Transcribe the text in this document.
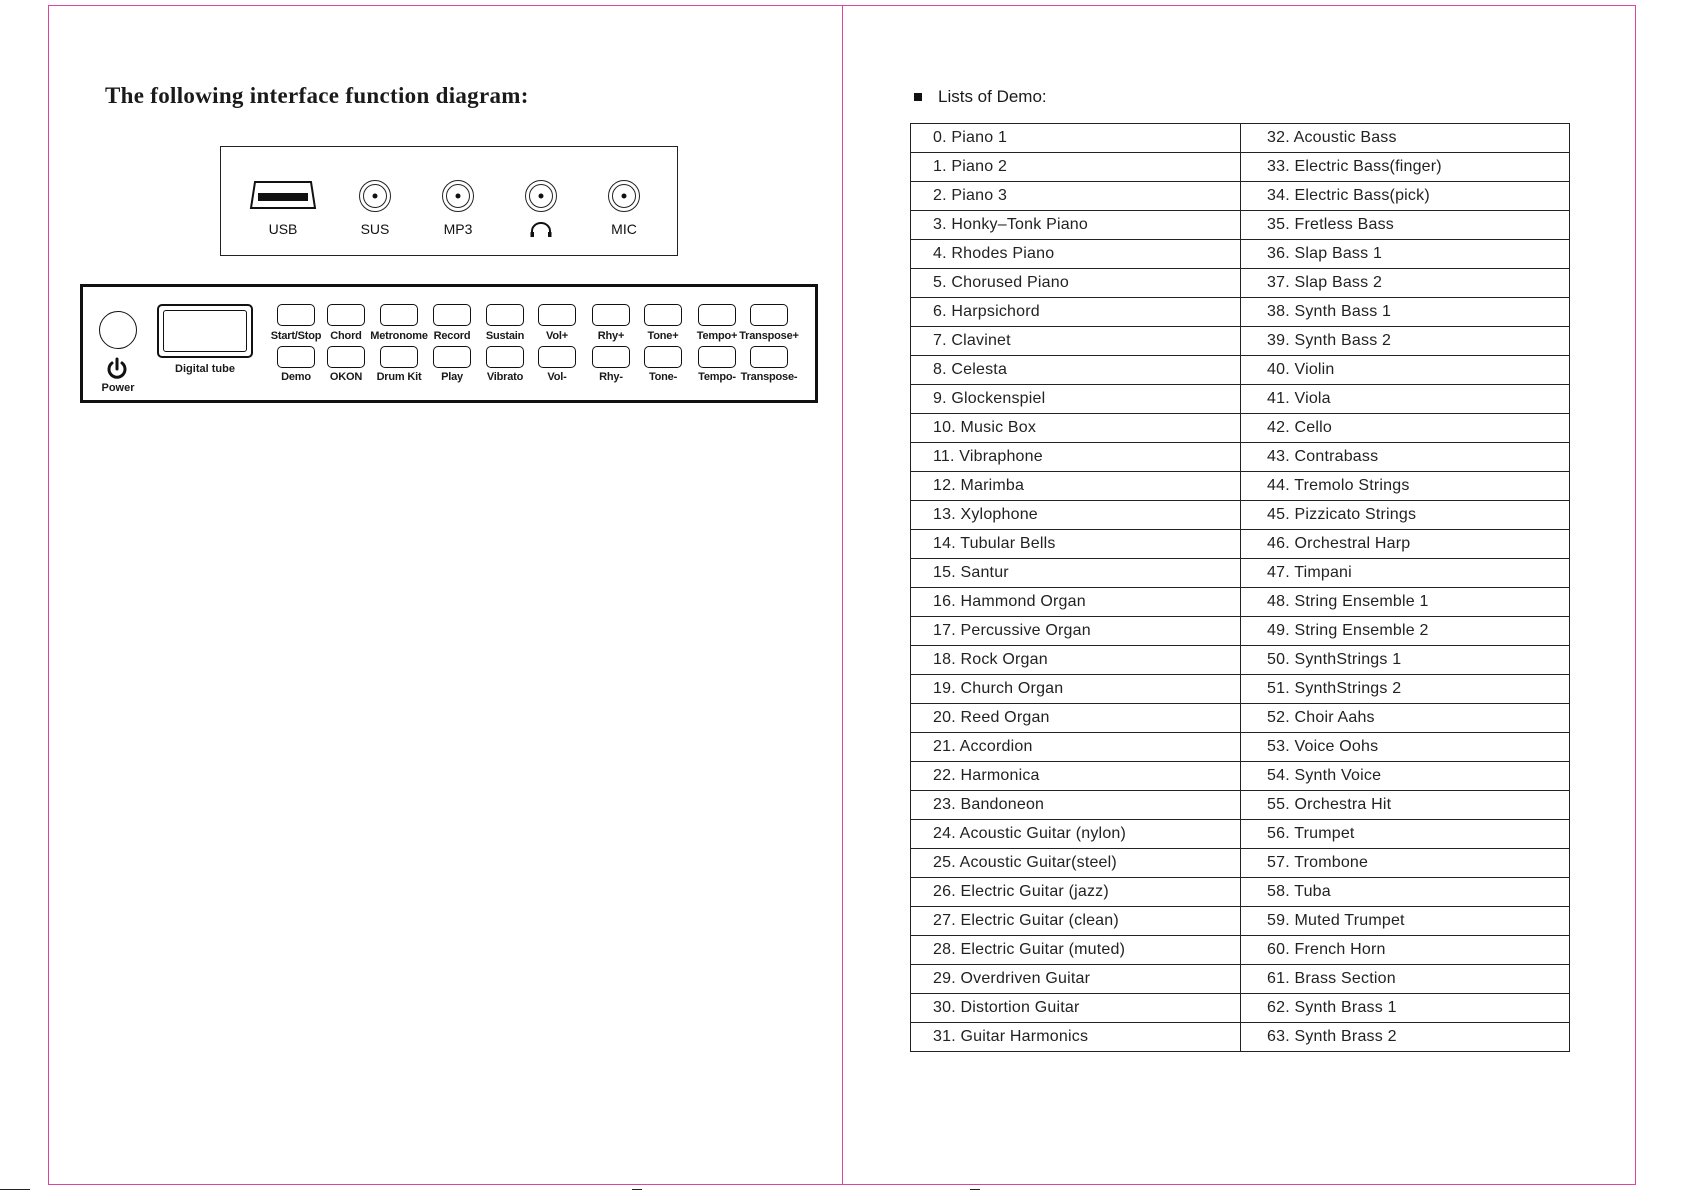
The following interface function diagram:
USB	SUS	MP3	MIC
Power
Digital tube
Start/Stop
Demo
Chord
OKON
Metronome
Drum Kit
Record
Play
Sustain
Vibrato
Vol+
Vol-
Rhy+
Rhy-
Tone+
Tone-
Tempo+
Tempo-
Transpose+
Transpose-
Lists of Demo:
0. Piano 1	32. Acoustic Bass
1. Piano 2	33. Electric Bass(finger)
2. Piano 3	34. Electric Bass(pick)
3. Honky–Tonk Piano	35. Fretless Bass
4. Rhodes Piano	36. Slap Bass 1
5. Chorused Piano	37. Slap Bass 2
6. Harpsichord	38. Synth Bass 1
7. Clavinet	39. Synth Bass 2
8. Celesta	40. Violin
9. Glockenspiel	41. Viola
10. Music Box	42. Cello
11. Vibraphone	43. Contrabass
12. Marimba	44. Tremolo Strings
13. Xylophone	45. Pizzicato Strings
14. Tubular Bells	46. Orchestral Harp
15. Santur	47. Timpani
16. Hammond Organ	48. String Ensemble 1
17. Percussive Organ	49. String Ensemble 2
18. Rock Organ	50. SynthStrings 1
19. Church Organ	51. SynthStrings 2
20. Reed Organ	52. Choir Aahs
21. Accordion	53. Voice Oohs
22. Harmonica	54. Synth Voice
23. Bandoneon	55. Orchestra Hit
24. Acoustic Guitar (nylon)	56. Trumpet
25. Acoustic Guitar(steel)	57. Trombone
26. Electric Guitar (jazz)	58. Tuba
27. Electric Guitar (clean)	59. Muted Trumpet
28. Electric Guitar (muted)	60. French Horn
29. Overdriven Guitar	61. Brass Section
30. Distortion Guitar	62. Synth Brass 1
31. Guitar Harmonics	63. Synth Brass 2
